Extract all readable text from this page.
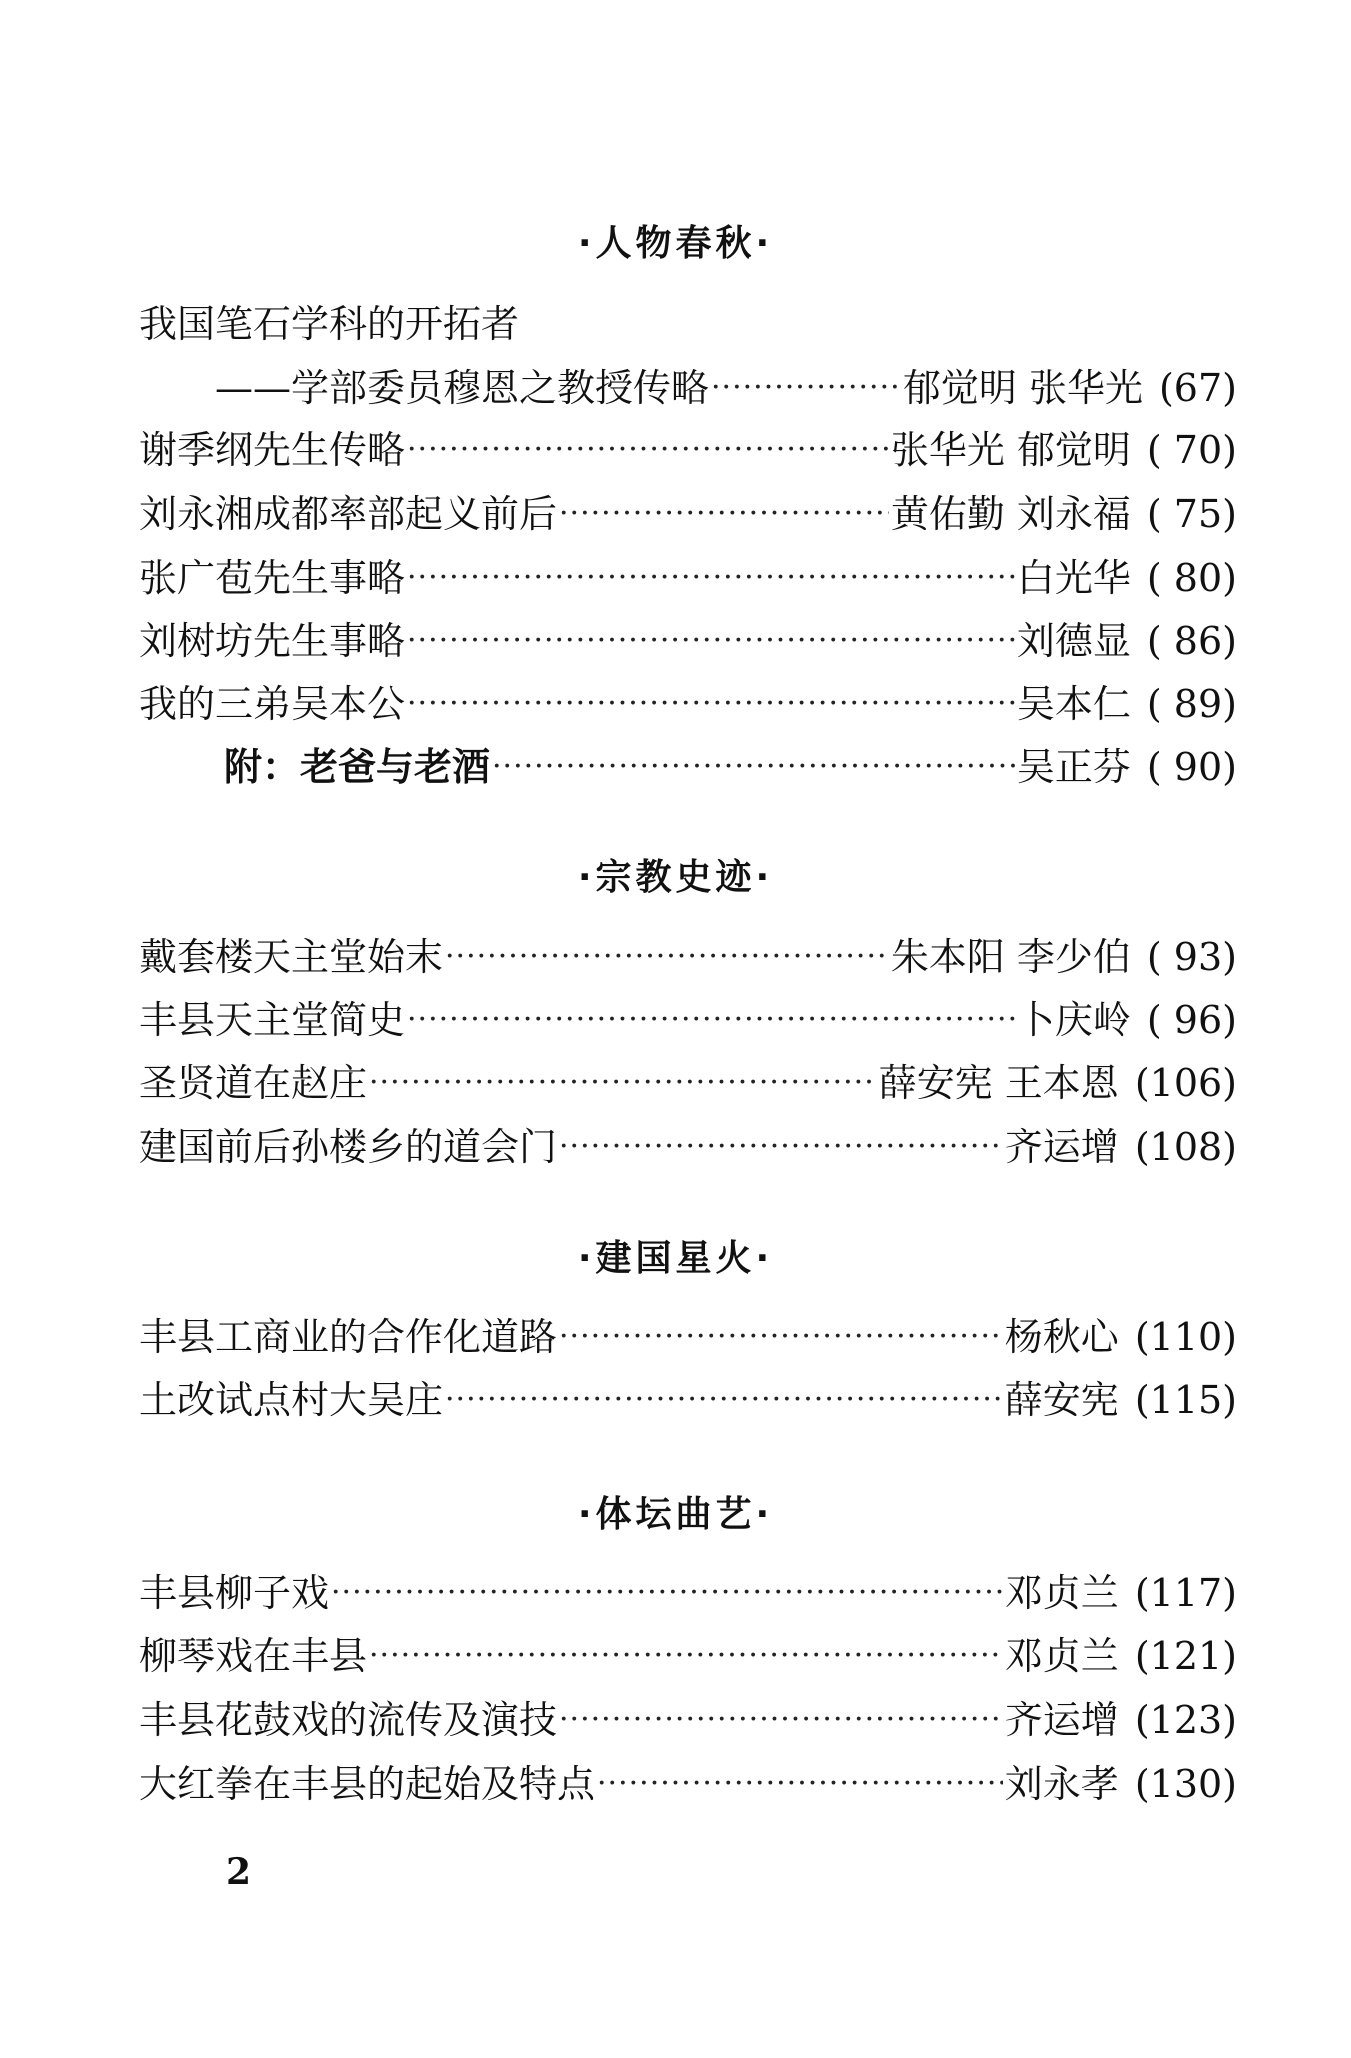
·人物春秋·
我国笔石学科的开拓者
——学部委员穆恩之教授传略 ·····	郁觉明 张华光 (67)
谢季纲先生传略 ·····	张华光 郁觉明 ( 70)
刘永湘成都率部起义前后 ·····	黄佑勤 刘永福 ( 75)
张广苞先生事略 ·····	白光华 ( 80)
刘树坊先生事略 ·····	刘德显 ( 86)
我的三弟吴本公 ·····	吴本仁 ( 89)
附：老爸与老酒 ·····	吴正芬 ( 90)
·宗教史迹·
戴套楼天主堂始末 ·····	朱本阳 李少伯 ( 93)
丰县天主堂简史 ·····	卜庆岭 ( 96)
圣贤道在赵庄 ·····	薛安宪 王本恩 (106)
建国前后孙楼乡的道会门 ·····	齐运增 (108)
·建国星火·
丰县工商业的合作化道路 ·····	杨秋心 (110)
土改试点村大吴庄 ·····	薛安宪 (115)
·体坛曲艺·
丰县柳子戏 ·····	邓贞兰 (117)
柳琴戏在丰县 ·····	邓贞兰 (121)
丰县花鼓戏的流传及演技 ·····	齐运增 (123)
大红拳在丰县的起始及特点 ·····	刘永孝 (130)
2
